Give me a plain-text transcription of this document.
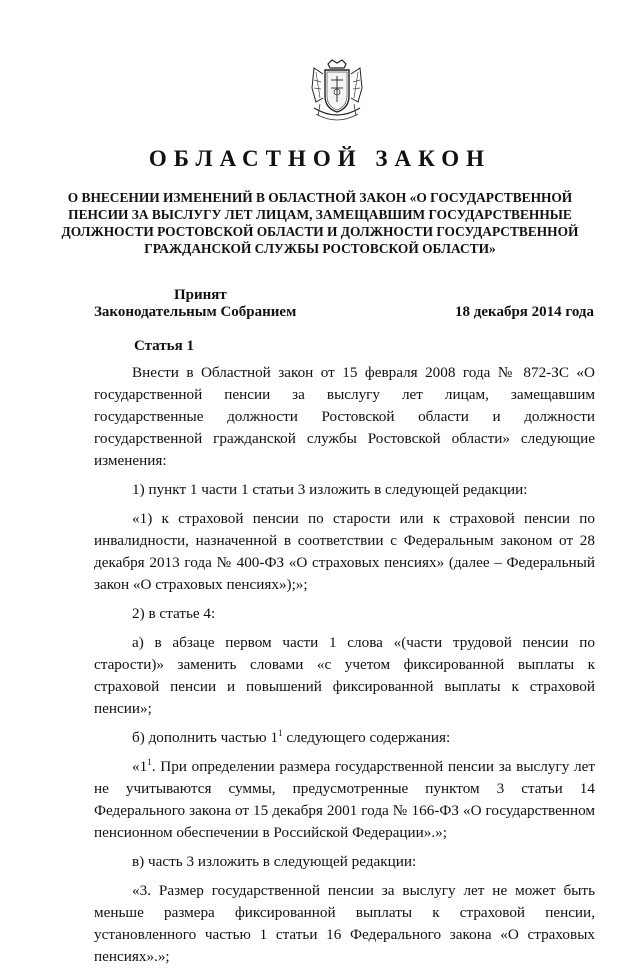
ОБЛАСТНОЙ ЗАКОН
О ВНЕСЕНИИ ИЗМЕНЕНИЙ В ОБЛАСТНОЙ ЗАКОН «О ГОСУДАРСТВЕННОЙ ПЕНСИИ ЗА ВЫСЛУГУ ЛЕТ ЛИЦАМ, ЗАМЕЩАВШИМ ГОСУДАРСТВЕННЫЕ ДОЛЖНОСТИ РОСТОВСКОЙ ОБЛАСТИ И ДОЛЖНОСТИ ГОСУДАРСТВЕННОЙ ГРАЖДАНСКОЙ СЛУЖБЫ РОСТОВСКОЙ ОБЛАСТИ»
Принят
Законодательным Собранием	18 декабря 2014 года
Статья 1

Внести в Областной закон от 15 февраля 2008 года № 872-ЗС «О государственной пенсии за выслугу лет лицам, замещавшим государственные должности Ростовской области и должности государственной гражданской службы Ростовской области» следующие изменения:

1) пункт 1 части 1 статьи 3 изложить в следующей редакции:

«1) к страховой пенсии по старости или к страховой пенсии по инвалидности, назначенной в соответствии с Федеральным законом от 28 декабря 2013 года № 400-ФЗ «О страховых пенсиях» (далее – Федеральный закон «О страховых пенсиях»);»;

2) в статье 4:

а) в абзаце первом части 1 слова «(части трудовой пенсии по старости)» заменить словами «с учетом фиксированной выплаты к страховой пенсии и повышений фиксированной выплаты к страховой пенсии»;

б) дополнить частью $1^1$ следующего содержания:

«$1^1$. При определении размера государственной пенсии за выслугу лет не учитываются суммы, предусмотренные пунктом 3 статьи 14 Федерального закона от 15 декабря 2001 года № 166-ФЗ «О государственном пенсионном обеспечении в Российской Федерации».»;

в) часть 3 изложить в следующей редакции:

«3. Размер государственной пенсии за выслугу лет не может быть меньше размера фиксированной выплаты к страховой пенсии, установленного частью 1 статьи 16 Федерального закона «О страховых пенсиях».»;
